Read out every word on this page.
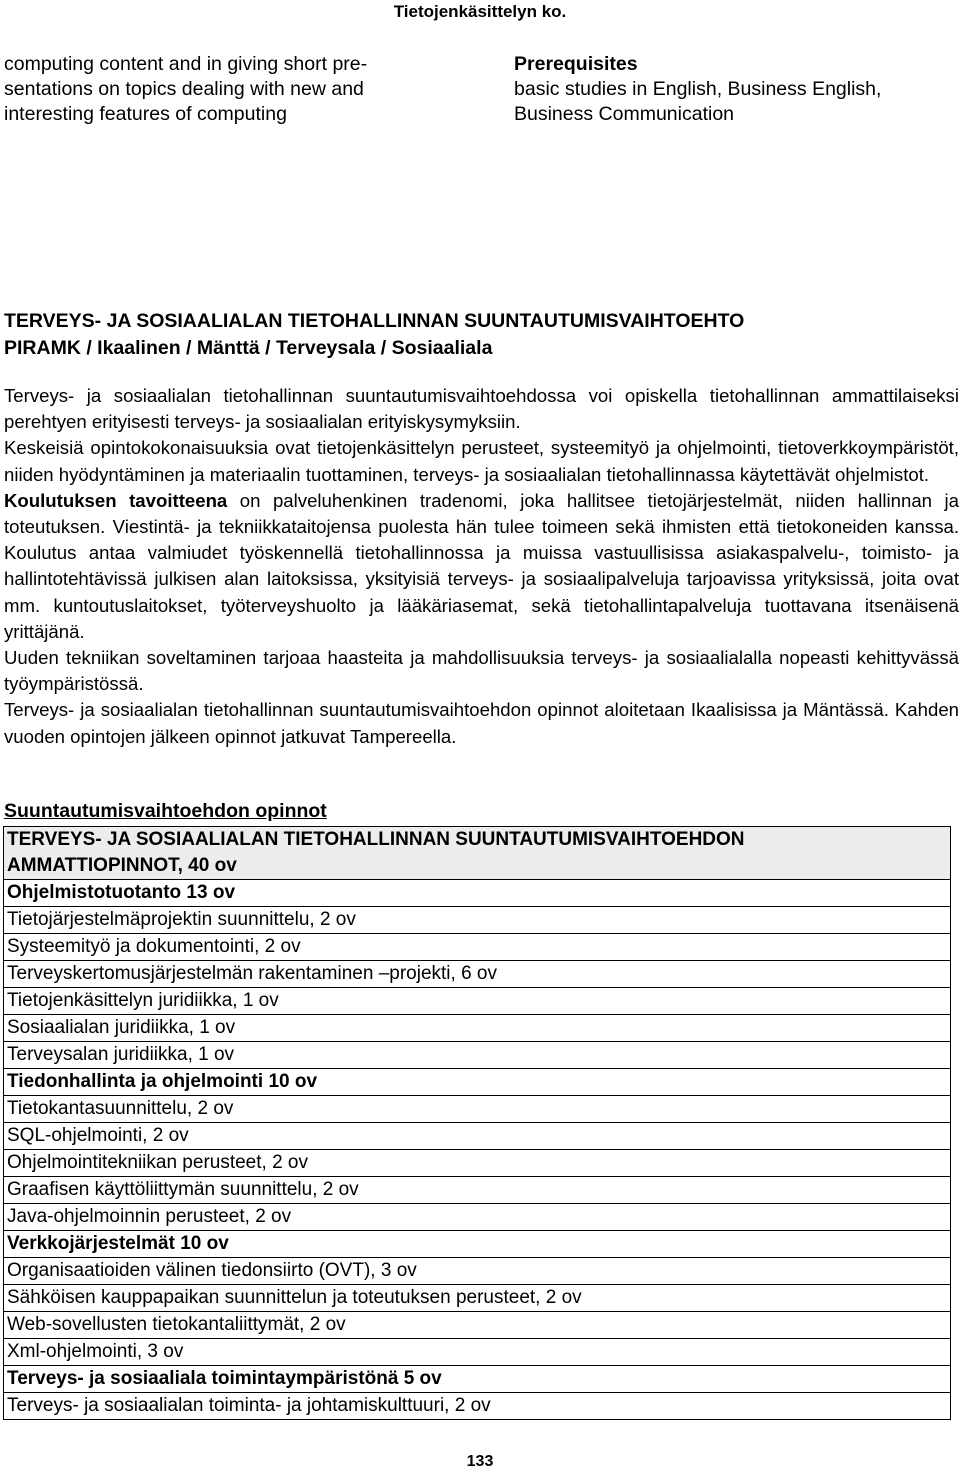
Tietojenkäsittelyn ko.
computing content and in giving short pre-
sentations on topics dealing with new and
interesting features of computing
Prerequisites
basic studies in English, Business English,
Business Communication
TERVEYS- JA SOSIAALIALAN TIETOHALLINNAN SUUNTAUTUMISVAIHTOEHTO
PIRAMK / Ikaalinen / Mänttä / Terveysala / Sosiaaliala

Terveys- ja sosiaalialan tietohallinnan suuntautumisvaihtoehdossa voi opiskella tietohallinnan ammattilaiseksi perehtyen erityisesti terveys- ja sosiaalialan erityiskysymyksiin.

Keskeisiä opintokokonaisuuksia ovat tietojenkäsittelyn perusteet, systeemityö ja ohjelmointi, tietoverkkoympäristöt, niiden hyödyntäminen ja materiaalin tuottaminen, terveys- ja sosiaalialan tietohallinnassa käytettävät ohjelmistot.

Koulutuksen tavoitteena on palveluhenkinen tradenomi, joka hallitsee tietojärjestelmät, niiden hallinnan ja toteutuksen. Viestintä- ja tekniikkataitojensa puolesta hän tulee toimeen sekä ihmisten että tietokoneiden kanssa. Koulutus antaa valmiudet työskennellä tietohallinnossa ja muissa vastuullisissa asiakaspalvelu-, toimisto- ja hallintotehtävissä julkisen alan laitoksissa, yksityisiä terveys- ja sosiaalipalveluja tarjoavissa yrityksissä, joita ovat mm. kuntoutuslaitokset, työterveyshuolto ja lääkäriasemat, sekä tietohallintapalveluja tuottavana itsenäisenä yrittäjänä.

Uuden tekniikan soveltaminen tarjoaa haasteita ja mahdollisuuksia terveys- ja sosiaalialalla nopeasti kehittyvässä työympäristössä.

Terveys- ja sosiaalialan tietohallinnan suuntautumisvaihtoehdon opinnot aloitetaan Ikaalisissa ja Mäntässä. Kahden vuoden opintojen jälkeen opinnot jatkuvat Tampereella.

Suuntautumisvaihtoehdon opinnot
TERVEYS- JA SOSIAALIALAN TIETOHALLINNAN SUUNTAUTUMISVAIHTOEHDON
AMMATTIOPINNOT, 40 ov

Ohjelmistotuotanto 13 ov
Tietojärjestelmäprojektin suunnittelu, 2 ov
Systeemityö ja dokumentointi, 2 ov
Terveyskertomusjärjestelmän rakentaminen –projekti, 6 ov
Tietojenkäsittelyn juridiikka, 1 ov
Sosiaalialan juridiikka, 1 ov
Terveysalan juridiikka, 1 ov
Tiedonhallinta ja ohjelmointi 10 ov
Tietokantasuunnittelu, 2 ov
SQL-ohjelmointi, 2 ov
Ohjelmointitekniikan perusteet, 2 ov
Graafisen käyttöliittymän suunnittelu, 2 ov
Java-ohjelmoinnin perusteet, 2 ov
Verkkojärjestelmät 10 ov
Organisaatioiden välinen tiedonsiirto (OVT), 3 ov
Sähköisen kauppapaikan suunnittelun ja toteutuksen perusteet, 2 ov
Web-sovellusten tietokantaliittymät, 2 ov
Xml-ohjelmointi, 3 ov
Terveys- ja sosiaaliala toimintaympäristönä 5 ov
Terveys- ja sosiaalialan toiminta- ja johtamiskulttuuri, 2 ov
133
